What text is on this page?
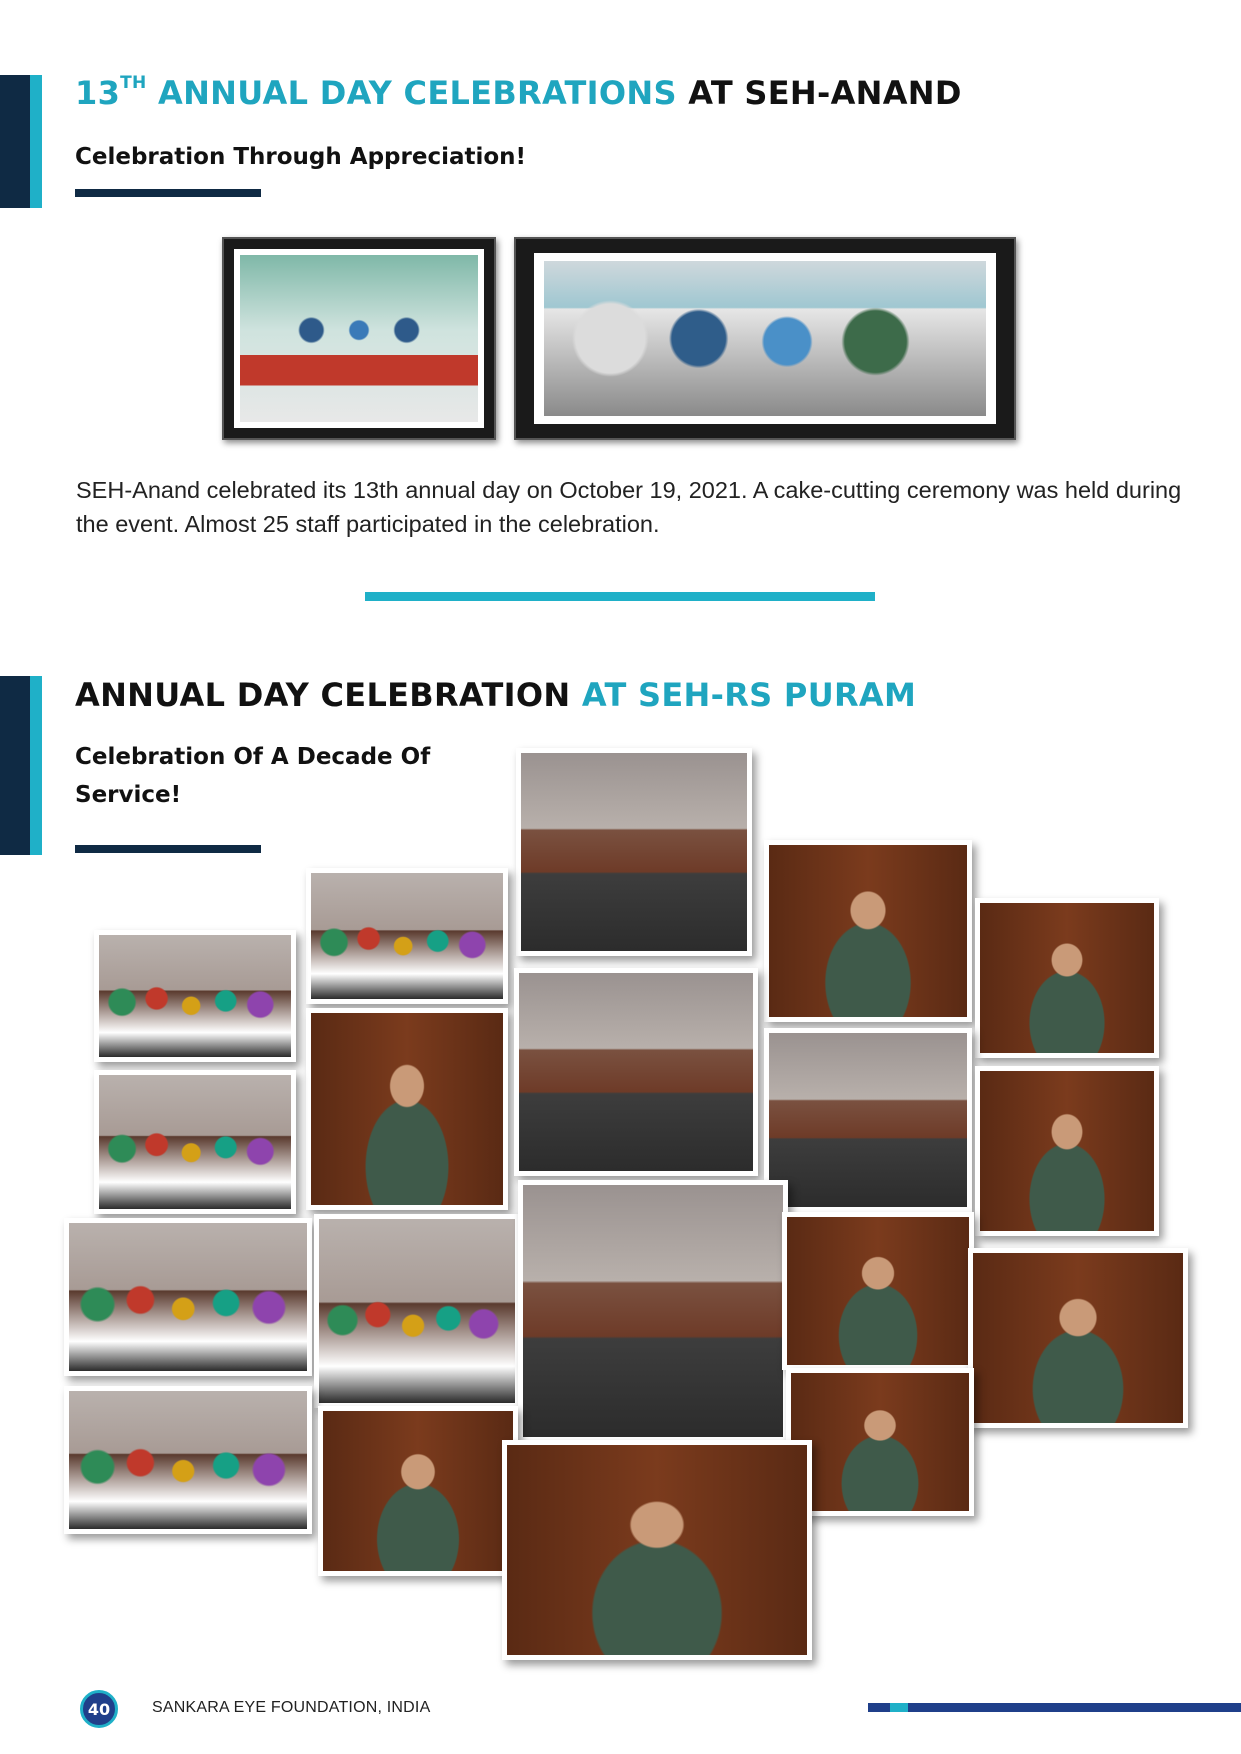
13TH ANNUAL DAY CELEBRATIONS AT SEH-ANAND

Celebration Through Appreciation!

SEH-Anand celebrated its 13th annual day on October 19, 2021. A cake-cutting ceremony was held during the event. Almost 25 staff participated in the celebration.

ANNUAL DAY CELEBRATION AT SEH-RS PURAM

Celebration Of A Decade Of

Service!

40	SANKARA EYE FOUNDATION, INDIA
